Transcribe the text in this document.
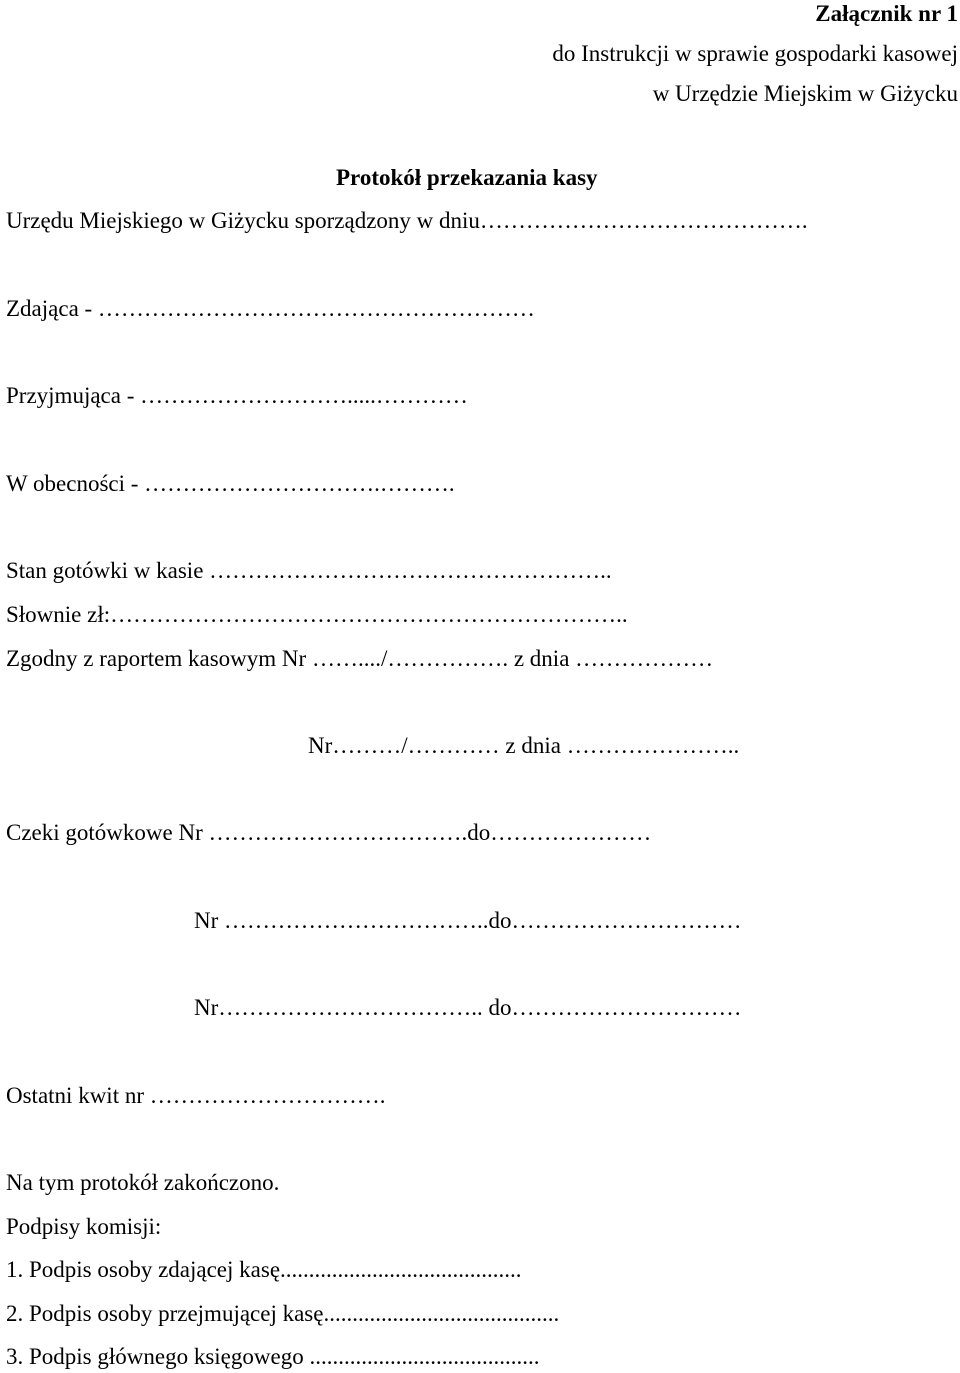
Załącznik nr 1
do Instrukcji w sprawie gospodarki kasowej
w Urzędzie Miejskim w Giżycku
Protokół przekazania kasy
Urzędu Miejskiego w Giżycku sporządzony w dniu…………………………………….
Zdająca - …………………………………………………
Przyjmująca - ……………………….....…………
W obecności - ………………………….……….
Stan gotówki w kasie ……………………………………………..
Słownie zł:…………………………………………………………..
Zgodny z raportem kasowym Nr ……..../……………. z dnia ………………
Nr………/………… z dnia …………………..
Czeki gotówkowe Nr …………………………….do…………………
Nr ……………………………..do…………………………
Nr…………………………….. do…………………………
Ostatni kwit nr ………………………….
Na tym protokół zakończono.
Podpisy komisji:
1. Podpis osoby zdającej kasę..........................................
2. Podpis osoby przejmującej kasę.........................................
3. Podpis głównego księgowego ........................................
